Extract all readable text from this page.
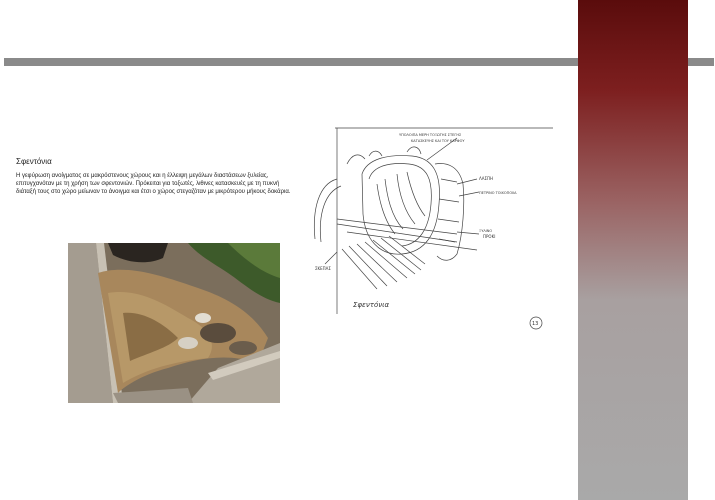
Σφεντόνια

Η γεφύρωση ανοίγματος σε μακρόστενους χώρους και η έλλειψη μεγάλων διαστάσεων ξυλείας, επιτυγχανόταν με τη χρήση των σφεντονιών. Πρόκειται για τοξωτές, λιθινες κατασκευές με τη πυκνή διάταξή τους στο χώρο μείωναν το άνοιγμα και έτσι ο χώρος στεγαζόταν με μικρότερου μήκους δοκάρια.

ΥΠΟΛΟΙΠΑ ΜΕΡΗ ΤΟΞΩΤΗΣ ΣΤΕΓΗΣ
ΚΑΤΑΣΚΕΥΗΣ ΚΑΙ ΤΟΥ ΚΑΡΦΟΥ
ΛΑΣΠΗ
ΠΕΤΡΙΝΟ ΤΟΙΧΟΠΟΙΙΑ
ΞΥΛΙΝΟ
ΠΡΟΚΙ
ΣΚΕΠΑΣ
Σφεντόνια
13
